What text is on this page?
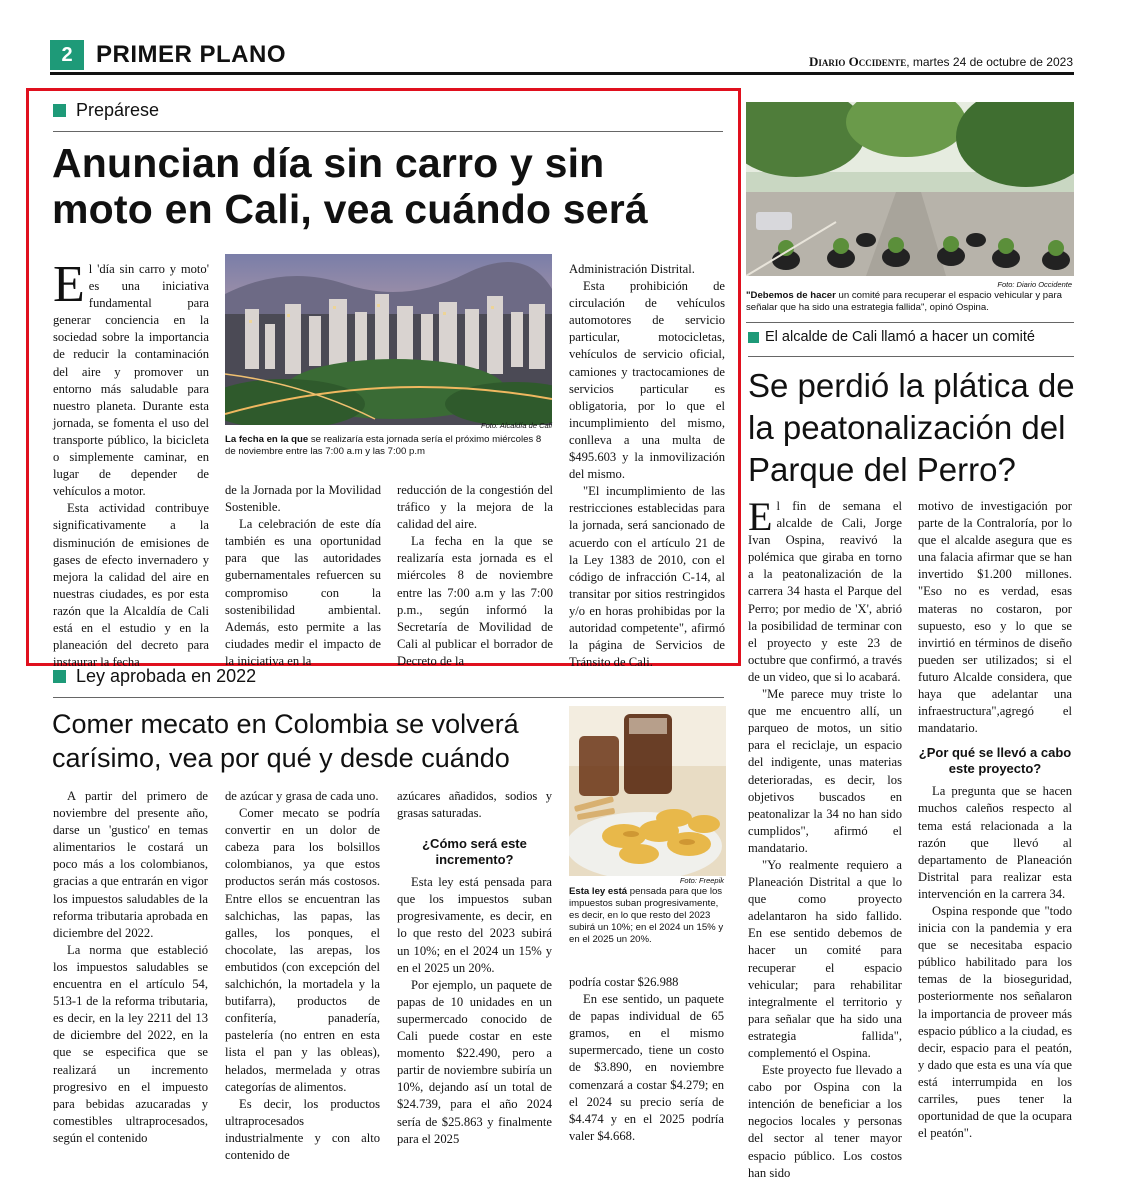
2 PRIMER PLANO	Diario Occidente, martes 24 de octubre de 2023
Prepárese
Anuncian día sin carro y sin
moto en Cali, vea cuándo será
Foto: Alcaldía de Cali
La fecha en la que se realizaría esta jornada sería el próximo miércoles 8 de noviembre entre las 7:00 a.m y las 7:00 p.m

El 'día sin carro y moto' es una iniciativa fundamental para generar conciencia en la sociedad sobre la importancia de reducir la contaminación del aire y promover un entorno más saludable para nuestro planeta. Durante esta jornada, se fomenta el uso del transporte público, la bicicleta o simplemente caminar, en lugar de depender de vehículos a motor.

Esta actividad contribuye significativamente a la disminución de emisiones de gases de efecto invernadero y mejora la calidad del aire en nuestras ciudades, es por esta razón que la Alcaldía de Cali está en el estudio y en la planeación del decreto para instaurar la fecha

de la Jornada por la Movilidad Sostenible.

La celebración de este día también es una oportunidad para que las autoridades gubernamentales refuercen su compromiso con la sostenibilidad ambiental. Además, esto permite a las ciudades medir el impacto de la iniciativa en la

reducción de la congestión del tráfico y la mejora de la calidad del aire.

La fecha en la que se realizaría esta jornada es el miércoles 8 de noviembre entre las 7:00 a.m y las 7:00 p.m., según informó la Secretaría de Movilidad de Cali al publicar el borrador de Decreto de la

Administración Distrital.

Esta prohibición de circulación de vehículos automotores de servicio particular, motocicletas, vehículos de servicio oficial, camiones y tractocamiones de servicios particular es obligatoria, por lo que el incumplimiento del mismo, conlleva a una multa de $495.603 y la inmovilización del mismo.

"El incumplimiento de las restricciones establecidas para la jornada, será sancionado de acuerdo con el artículo 21 de la Ley 1383 de 2010, con el código de infracción C-14, al transitar por sitios restringidos y/o en horas prohibidas por la autoridad competente", afirmó la página de Servicios de Tránsito de Cali.

Foto: Diario Occidente
"Debemos de hacer un comité para recuperar el espacio vehicular y para señalar que ha sido una estrategia fallida", opinó Ospina.
El alcalde de Cali llamó a hacer un comité
Se perdió la plática de
la peatonalización del
Parque del Perro?

El fin de semana el alcalde de Cali, Jorge Ivan Ospina, reavivó la polémica que giraba en torno a la peatonalización de la carrera 34 hasta el Parque del Perro; por medio de 'X', abrió la posibilidad de terminar con el proyecto y este 23 de octubre que confirmó, a través de un video, que si lo acabará.

"Me parece muy triste lo que me encuentro allí, un parqueo de motos, un sitio para el reciclaje, un espacio del indigente, unas materias deterioradas, es decir, los objetivos buscados en peatonalizar la 34 no han sido cumplidos", afirmó el mandatario.

"Yo realmente requiero a Planeación Distrital a que lo que como proyecto adelantaron ha sido fallido. En ese sentido debemos de hacer un comité para recuperar el espacio vehicular; para rehabilitar integralmente el territorio y para señalar que ha sido una estrategia fallida", complementó el Ospina.

Este proyecto fue llevado a cabo por Ospina con la intención de beneficiar a los negocios locales y personas del sector al tener mayor espacio público. Los costos han sido

motivo de investigación por parte de la Contraloría, por lo que el alcalde asegura que es una falacia afirmar que se han invertido $1.200 millones. "Eso no es verdad, esas materas no costaron, por supuesto, eso y lo que se invirtió en términos de diseño pueden ser utilizados; si el futuro Alcalde considera, que haya que adelantar una infraestructura",agregó el mandatario.

¿Por qué se llevó a cabo este proyecto?

La pregunta que se hacen muchos caleños respecto al tema está relacionada a la razón que llevó al departamento de Planeación Distrital para realizar esta intervención en la carrera 34.

Ospina responde que "todo inicia con la pandemia y era que se necesitaba espacio público habilitado para los temas de la bioseguridad, posteriormente nos señalaron la importancia de proveer más espacio público a la ciudad, es decir, espacio para el peatón, y dado que esta es una vía que está interrumpida en los carriles, pues tener la oportunidad de que la ocupara el peatón".

Ley aprobada en 2022
Comer mecato en Colombia se volverá
carísimo, vea por qué y desde cuándo
Foto: Freepik
Esta ley está pensada para que los impuestos suban progresivamente, es decir, en lo que resto del 2023 subirá un 10%; en el 2024 un 15% y en el 2025 un 20%.

A partir del primero de noviembre del presente año, darse un 'gustico' en temas alimentarios le costará un poco más a los colombianos, gracias a que entrarán en vigor los impuestos saludables de la reforma tributaria aprobada en diciembre del 2022.

La norma que estableció los impuestos saludables se encuentra en el artículo 54, 513-1 de la reforma tributaria, es decir, en la ley 2211 del 13 de diciembre del 2022, en la que se especifica que se realizará un incremento progresivo en el impuesto para bebidas azucaradas y comestibles ultraprocesados, según el contenido

de azúcar y grasa de cada uno.

Comer mecato se podría convertir en un dolor de cabeza para los bolsillos colombianos, ya que estos productos serán más costosos. Entre ellos se encuentran las salchichas, las papas, las galles, los ponques, el chocolate, las arepas, los embutidos (con excepción del salchichón, la mortadela y la butifarra), productos de confitería, panadería, pastelería (no entren en esta lista el pan y las obleas), helados, mermelada y otras categorías de alimentos.

Es decir, los productos ultraprocesados industrialmente y con alto contenido de

azúcares añadidos, sodios y grasas saturadas.

¿Cómo será este incremento?

Esta ley está pensada para que los impuestos suban progresivamente, es decir, en lo que resto del 2023 subirá un 10%; en el 2024 un 15% y en el 2025 un 20%.

Por ejemplo, un paquete de papas de 10 unidades en un supermercado conocido de Cali puede costar en este momento $22.490, pero a partir de noviembre subiría un 10%, dejando así un total de $24.739, para el año 2024 sería de $25.863 y finalmente para el 2025

podría costar $26.988

En ese sentido, un paquete de papas individual de 65 gramos, en el mismo supermercado, tiene un costo de $3.890, en noviembre comenzará a costar $4.279; en el 2024 su precio sería de $4.474 y en el 2025 podría valer $4.668.
